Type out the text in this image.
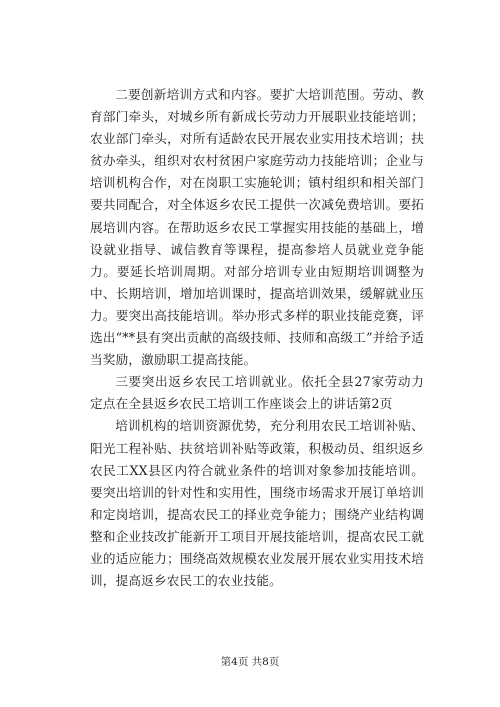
二要创新培训方式和内容。要扩大培训范围。劳动、教育部门牵头，对城乡所有新成长劳动力开展职业技能培训；农业部门牵头，对所有适龄农民开展农业实用技术培训；扶贫办牵头，组织对农村贫困户家庭劳动力技能培训；企业与培训机构合作，对在岗职工实施轮训；镇村组织和相关部门要共同配合，对全体返乡农民工提供一次减免费培训。要拓展培训内容。在帮助返乡农民工掌握实用技能的基础上，增设就业指导、诚信教育等课程，提高参培人员就业竞争能力。要延长培训周期。对部分培训专业由短期培训调整为中、长期培训，增加培训课时，提高培训效果，缓解就业压力。要突出高技能培训。举办形式多样的职业技能竞赛，评选出“**县有突出贡献的高级技师、技师和高级工”并给予适当奖励，激励职工提高技能。

三要突出返乡农民工培训就业。依托全县27家劳动力定点在全县返乡农民工培训工作座谈会上的讲话第2页

培训机构的培训资源优势，充分利用农民工培训补贴、阳光工程补贴、扶贫培训补贴等政策，积极动员、组织返乡农民工XX县区内符合就业条件的培训对象参加技能培训。要突出培训的针对性和实用性，围绕市场需求开展订单培训和定岗培训，提高农民工的择业竞争能力；围绕产业结构调整和企业技改扩能新开工项目开展技能培训，提高农民工就业的适应能力；围绕高效规模农业发展开展农业实用技术培训，提高返乡农民工的农业技能。

第4页 共8页
